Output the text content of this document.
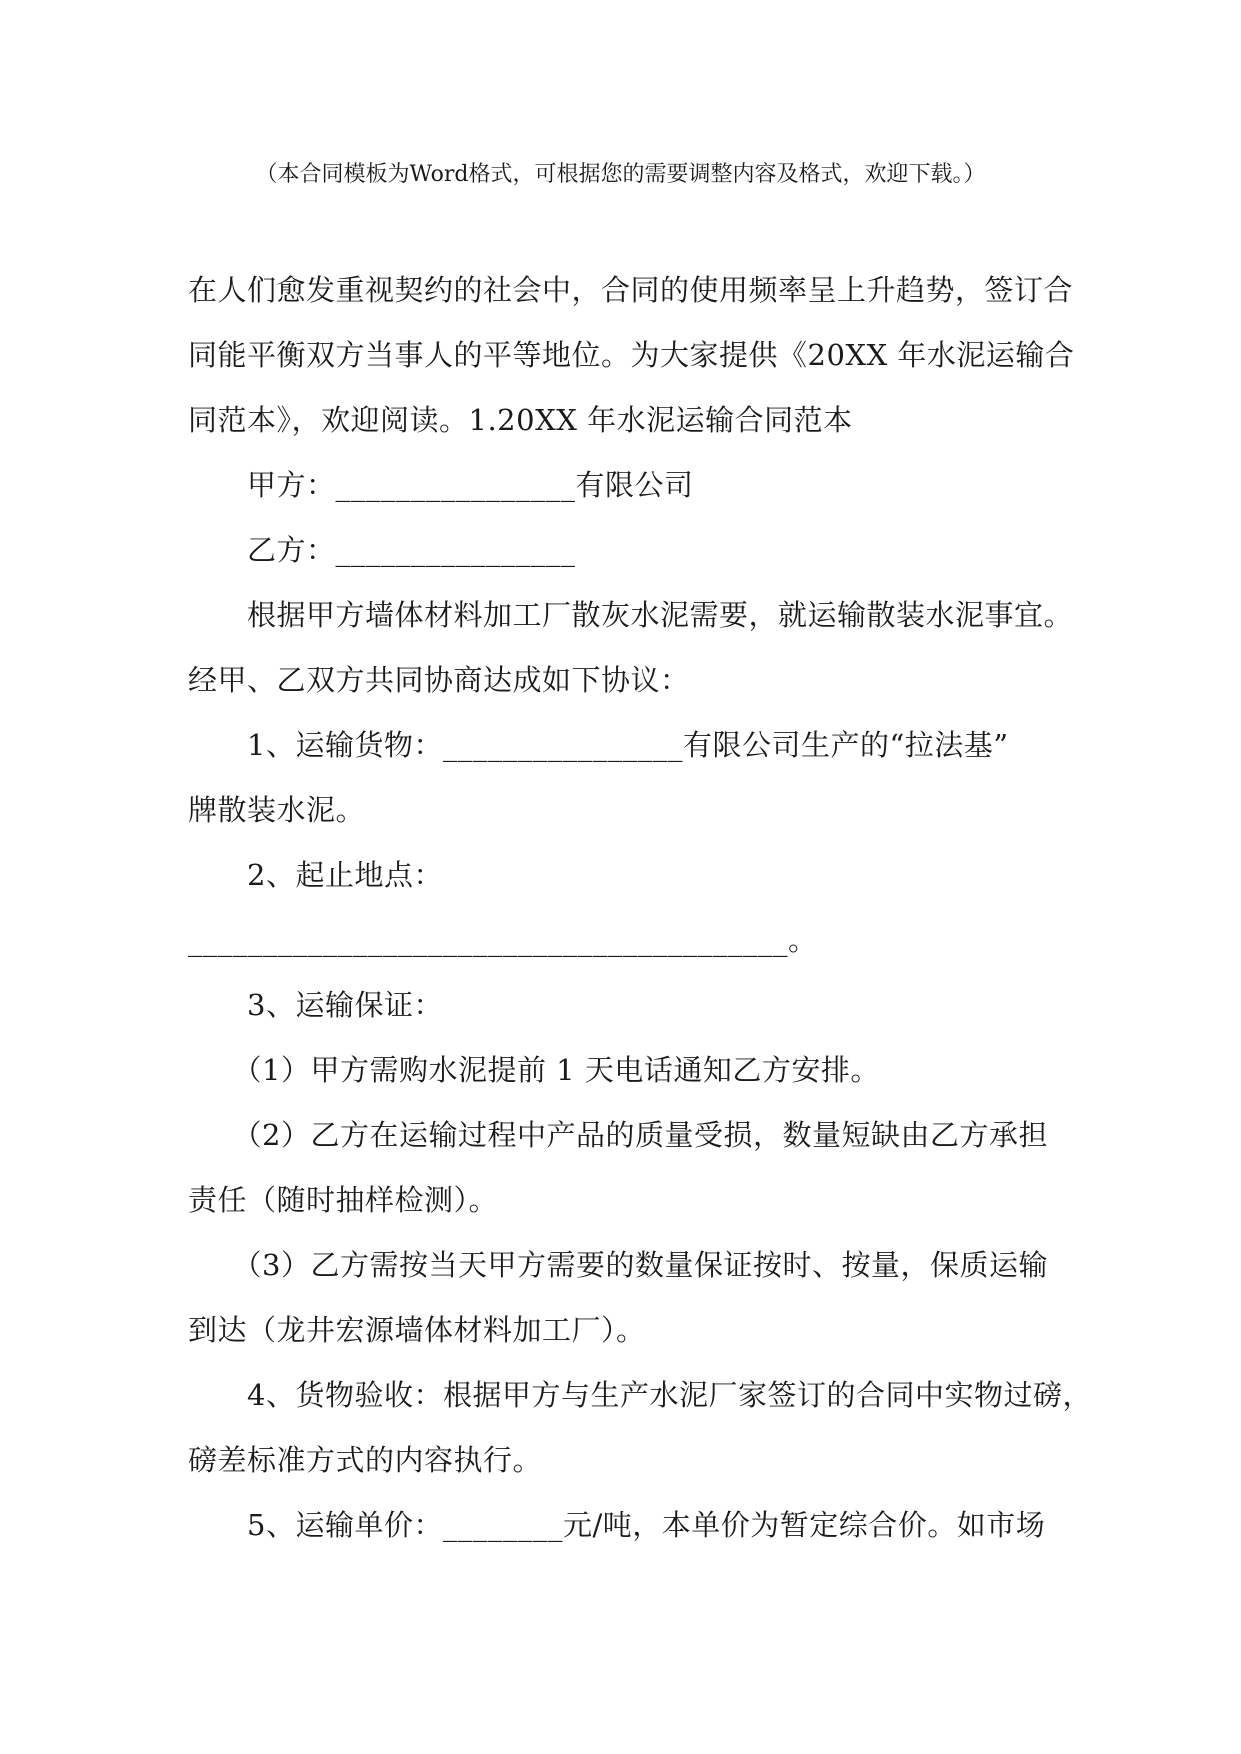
（本合同模板为Word格式，可根据您的需要调整内容及格式，欢迎下载。）
在人们愈发重视契约的社会中，合同的使用频率呈上升趋势，签订合
同能平衡双方当事人的平等地位。为大家提供《20XX 年水泥运输合
同范本》，欢迎阅读。1.20XX 年水泥运输合同范本
　　甲方：________________有限公司
　　乙方：________________
　　根据甲方墙体材料加工厂散灰水泥需要，就运输散装水泥事宜。
经甲、乙双方共同协商达成如下协议：
　　1、运输货物：________________有限公司生产的“拉法基”
牌散装水泥。
　　2、起止地点：
________________________________________。
　　3、运输保证：
　　（1）甲方需购水泥提前 1 天电话通知乙方安排。
　　（2）乙方在运输过程中产品的质量受损，数量短缺由乙方承担
责任（随时抽样检测）。
　　（3）乙方需按当天甲方需要的数量保证按时、按量，保质运输
到达（龙井宏源墙体材料加工厂）。
　　4、货物验收：根据甲方与生产水泥厂家签订的合同中实物过磅，
磅差标准方式的内容执行。
　　5、运输单价：________元/吨，本单价为暂定综合价。如市场
